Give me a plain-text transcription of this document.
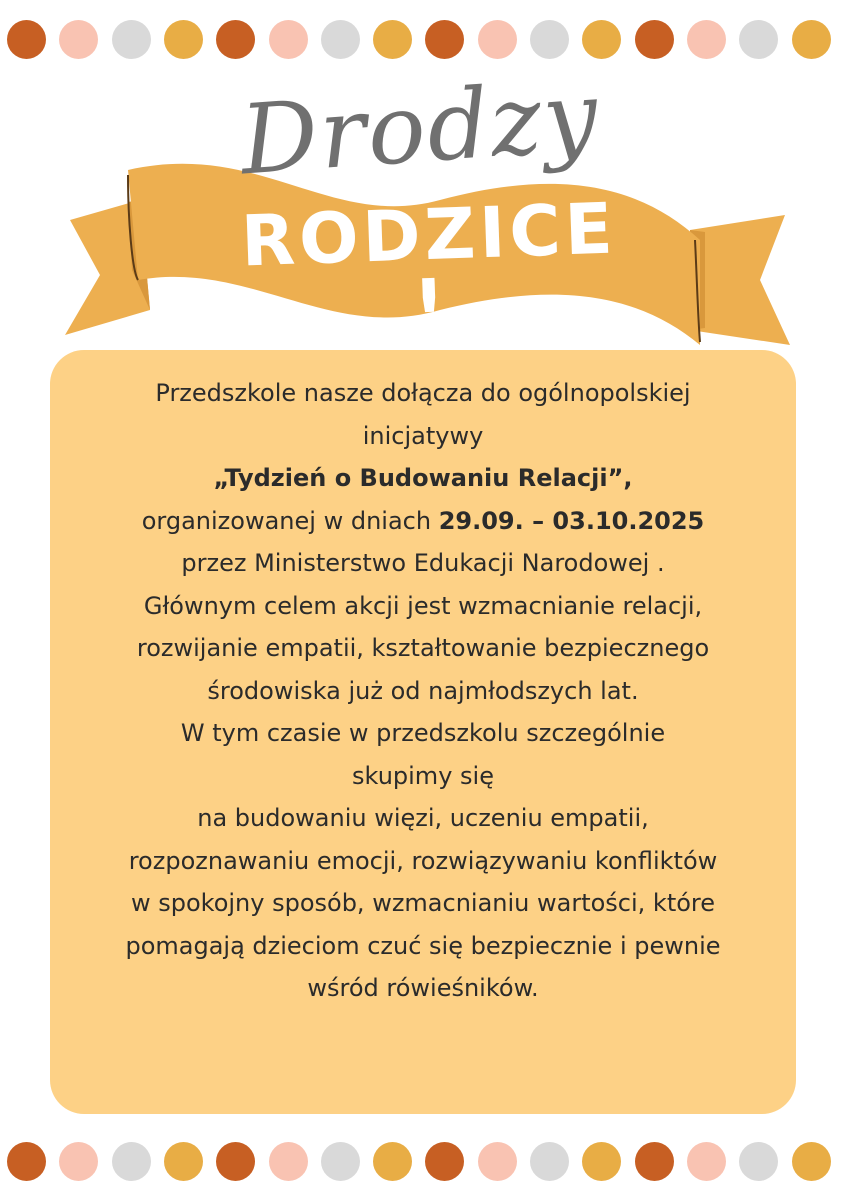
Drodzy
RODZICE !
Przedszkole nasze dołącza do ogólnopolskiej
inicjatywy
„Tydzień o Budowaniu Relacji”,
organizowanej w dniach 29.09. – 03.10.2025
przez Ministerstwo Edukacji Narodowej .
Głównym celem akcji jest wzmacnianie relacji,
rozwijanie empatii, kształtowanie bezpiecznego
środowiska już od najmłodszych lat.
W tym czasie w przedszkolu szczególnie
skupimy się
na budowaniu więzi, uczeniu empatii,
rozpoznawaniu emocji, rozwiązywaniu konfliktów
w spokojny sposób, wzmacnianiu wartości, które
pomagają dzieciom czuć się bezpiecznie i pewnie
wśród rówieśników.
